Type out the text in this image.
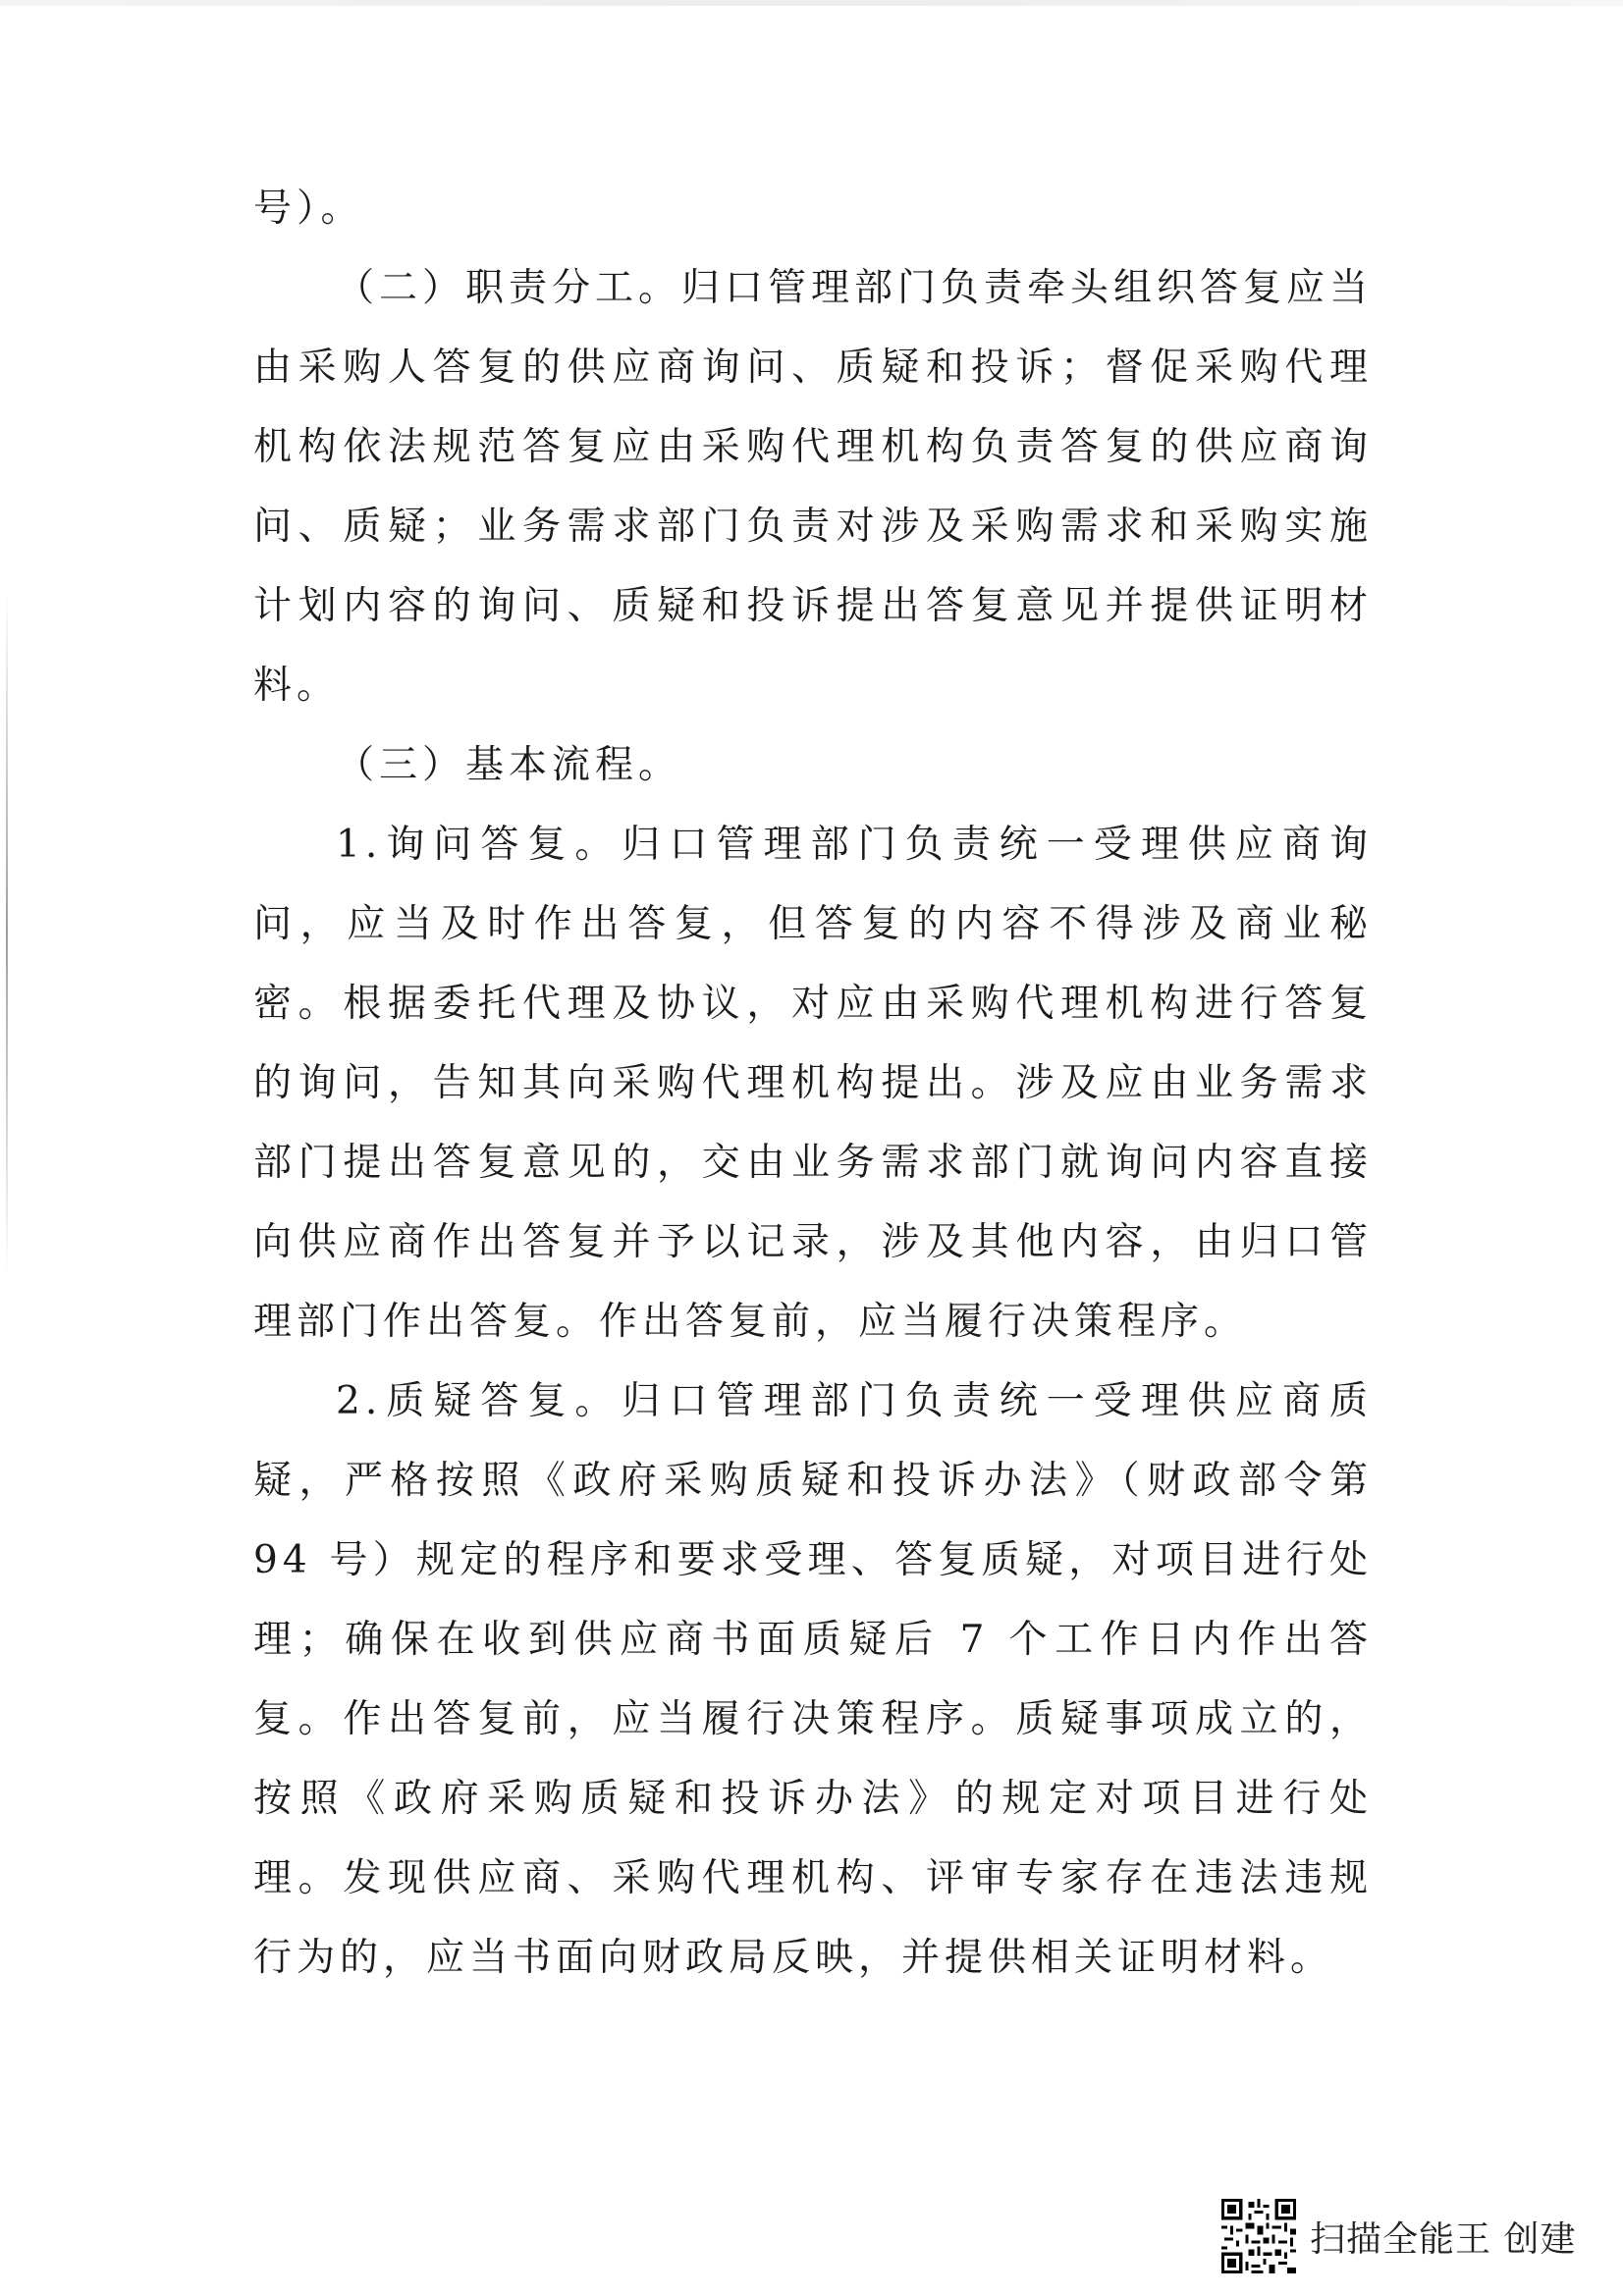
号）。

（二）职责分工。归口管理部门负责牵头组织答复应当由采购人答复的供应商询问、质疑和投诉；督促采购代理机构依法规范答复应由采购代理机构负责答复的供应商询问、质疑；业务需求部门负责对涉及采购需求和采购实施计划内容的询问、质疑和投诉提出答复意见并提供证明材料。

（三）基本流程。

1.询问答复。归口管理部门负责统一受理供应商询问，应当及时作出答复，但答复的内容不得涉及商业秘密。根据委托代理及协议，对应由采购代理机构进行答复的询问，告知其向采购代理机构提出。涉及应由业务需求部门提出答复意见的，交由业务需求部门就询问内容直接向供应商作出答复并予以记录，涉及其他内容，由归口管理部门作出答复。作出答复前，应当履行决策程序。

2.质疑答复。归口管理部门负责统一受理供应商质疑，严格按照《政府采购质疑和投诉办法》（财政部令第 94 号）规定的程序和要求受理、答复质疑，对项目进行处理；确保在收到供应商书面质疑后 7 个工作日内作出答复。作出答复前，应当履行决策程序。质疑事项成立的，按照《政府采购质疑和投诉办法》的规定对项目进行处理。发现供应商、采购代理机构、评审专家存在违法违规行为的，应当书面向财政局反映，并提供相关证明材料。

扫描全能王 创建
